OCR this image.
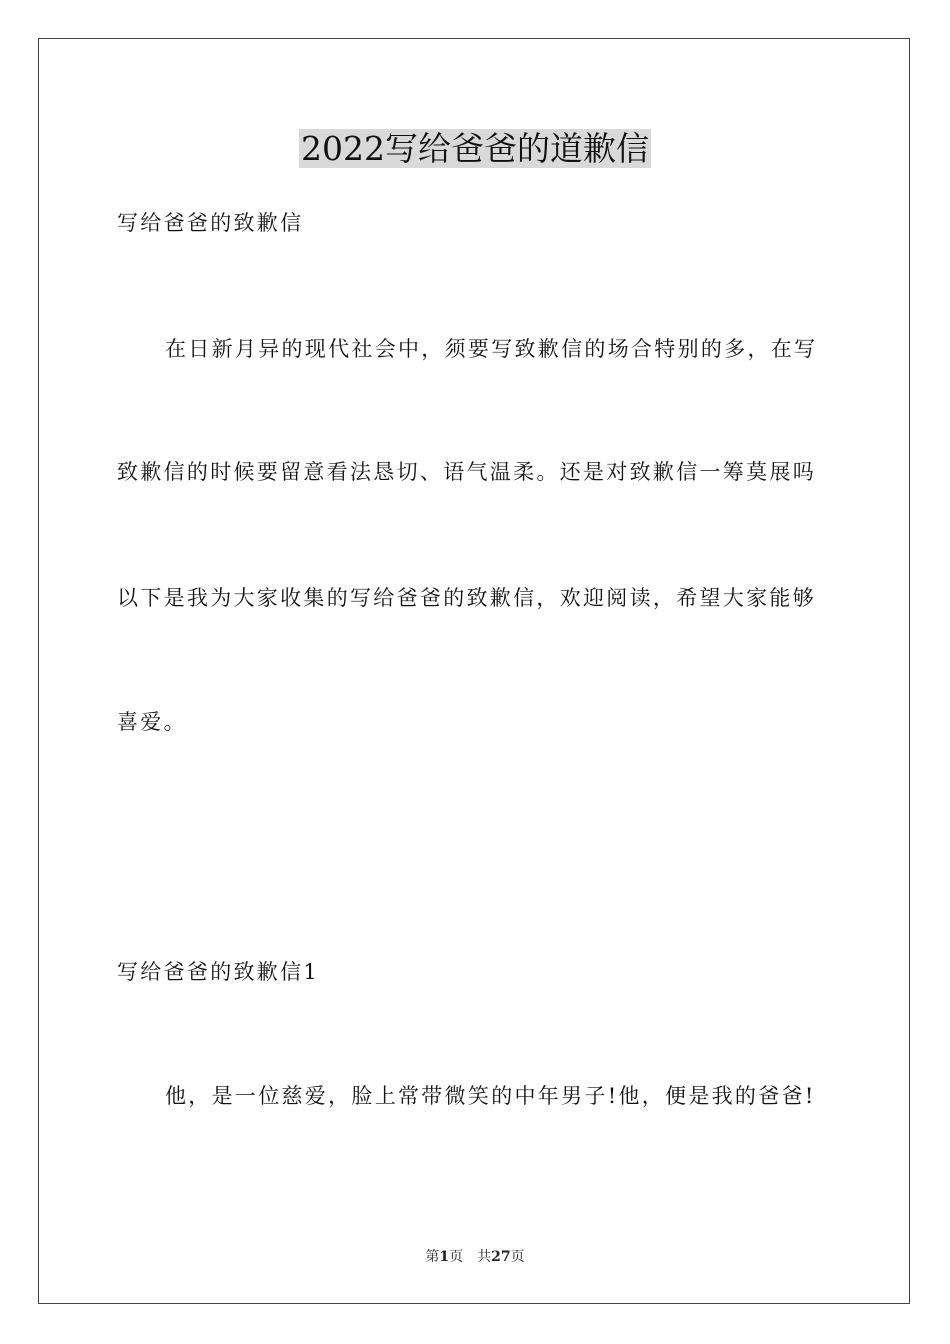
2022写给爸爸的道歉信

写给爸爸的致歉信

在日新月异的现代社会中，须要写致歉信的场合特别的多，在写

致歉信的时候要留意看法恳切、语气温柔。还是对致歉信一筹莫展吗

以下是我为大家收集的写给爸爸的致歉信，欢迎阅读，希望大家能够

喜爱。

写给爸爸的致歉信1

他，是一位慈爱，脸上常带微笑的中年男子!他，便是我的爸爸!

第1页 共27页
